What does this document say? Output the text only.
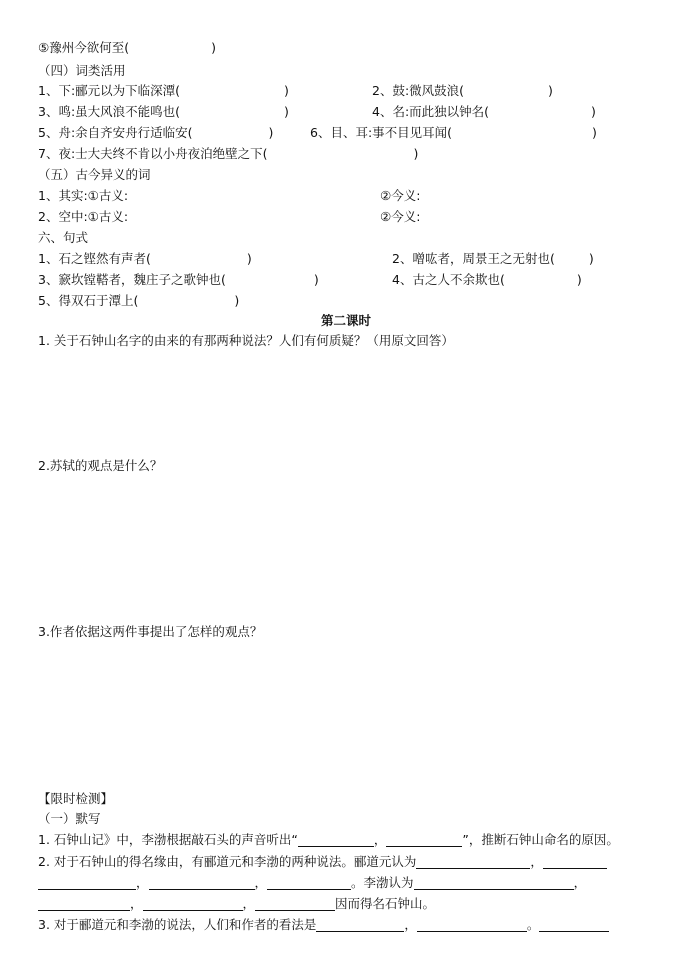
⑤豫州今欲何至(	)
（四）词类活用
1、下:郦元以为下临深潭(	)	2、鼓:微风鼓浪(	)
3、鸣:虽大风浪不能鸣也(	)	4、名:而此独以钟名(	)
5、舟:余自齐安舟行适临安(	)	6、目、耳:事不目见耳闻(	)
7、夜:士大夫终不肯以小舟夜泊绝壁之下(	)
（五）古今异义的词
1、其实:①古义:	②今义:
2、空中:①古义:	②今义:
六、句式
1、石之铿然有声者(	)	2、噌吰者，周景王之无射也(	)
3、窾坎镗鞳者，魏庄子之歌钟也(	)	4、古之人不余欺也(	)
5、得双石于潭上(	)
第二课时
1. 关于石钟山名字的由来的有那两种说法？人们有何质疑？（用原文回答）
2.苏轼的观点是什么？
3.作者依据这两件事提出了怎样的观点？
【限时检测】
（一）默写
1. 石钟山记》中，李渤根据敲石头的声音听出“	，	”，推断石钟山命名的原因。
2. 对于石钟山的得名缘由，有郦道元和李渤的两种说法。郦道元认为	，
，	，	。李渤认为	，
，	，	因而得名石钟山。
3. 对于郦道元和李渤的说法，人们和作者的看法是	，	。
